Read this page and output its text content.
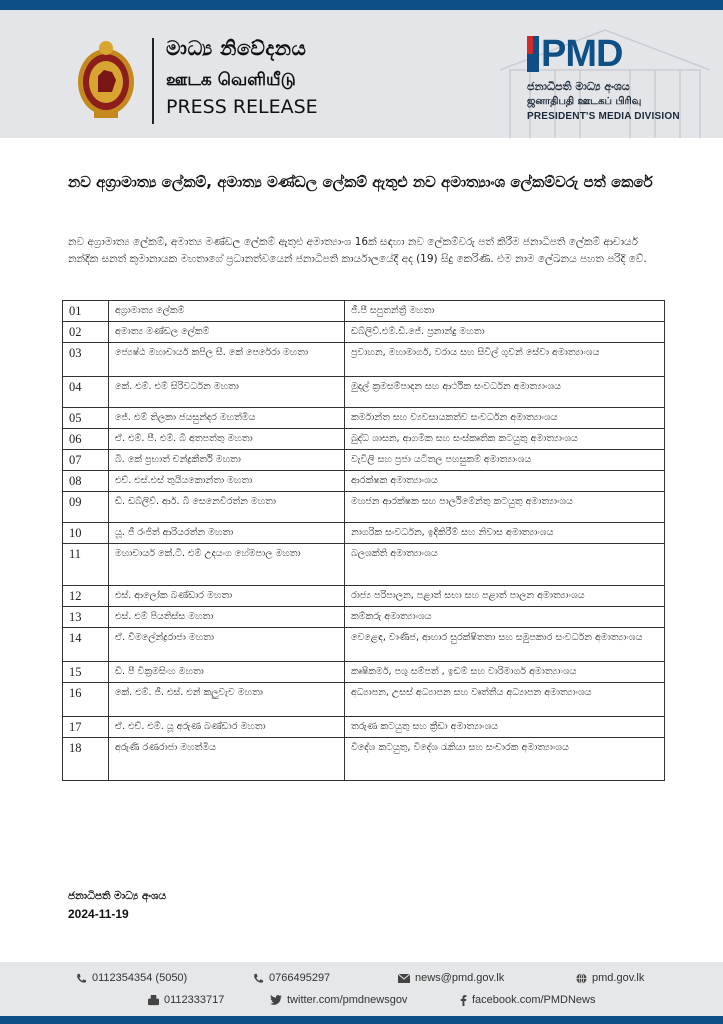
මාධ්‍ය නිවේදනය
ஊடக வெளியீடு
PRESS RELEASE
PMD
ජනාධිපති මාධ්‍ය අංශය
ஜனாதிபதி ஊடகப் பிரிவு
PRESIDENT'S MEDIA DIVISION
නව අග්‍රාමාත්‍ය ලේකම්, අමාත්‍ය මණ්ඩල ලේකම් ඇතුළු නව අමාත්‍යාංශ ලේකම්වරු පත් කෙරේ
නව අග්‍රාමාත්‍ය ලේකම්, අමාත්‍ය මණ්ඩල ලේකම් ඇතුළු අමාත්‍යාංශ 16ක් සඳහා නව ලේකම්වරු පත් කිරීම ජනාධිපති ලේකම් ආචාර්ය නන්දික සනත් කුමානායක මහතාගේ ප්‍රධානත්වයෙන් ජනාධිපති කාර්යාලයේදී අද (19) සිදු කෙරිණි. එම නාම ලේඛනය පහත පරිදි වේ.
01	අග්‍රාමාත්‍ය ලේකම්	ජී.පී සපුතන්ත්‍රී මහතා
02	අමාත්‍ය මණ්ඩල ලේකම්	ඩබ්ලිව්.එම්.ඩී.ජේ. ප්‍රනාන්දු මහතා
03	ජ්‍යෙෂ්ඨ මහාචාර්ය කපිල සී. කේ පෙරේරා මහතා	ප්‍රවාහන, මහාමාර්ග, වරාය සහ සිවිල් ගුවන් සේවා අමාත්‍යාංශය
04	කේ. එම්. එම් සිරිවර්ධන මහතා	මුදල් ක්‍රමසම්පාදන සහ ආර්ථික සංවර්ධන අමාත්‍යාංශය
05	ජේ. එම් තිලකා ජයසුන්දර මහත්මිය	කර්මාන්ත සහ ව්‍යවසායකත්ව සංවර්ධන අමාත්‍යාංශය
06	ඒ. එම්. පී. එම්. බී අතපත්තු මහතා	බුද්ධ ශාසන, ආගමික සහ සංස්කෘතික කටයුතු අමාත්‍යාංශය
07	බී. කේ ප්‍රභාත් චන්ද්‍රකීර්ති මහතා	වැවිලි සහ ප්‍රජා යටිතල පහසුකම් අමාත්‍යාංශය
08	එච්. එස්.එස් තුයියකොන්තා මහතා	ආරක්ෂක අමාත්‍යාංශය
09	ඩී. ඩබ්ලිව්. ආර්. බී සෙනෙවිරත්න මහතා	මහජන ආරක්ෂක සහ පාර්ලිමේන්තු කටයුතු අමාත්‍යාංශය
10	යූ. ජී රංජිත් ආරියරත්න මහතා	නාගරික සංවර්ධන, ඉදිකිරීම් සහ නිවාස අමාත්‍යාංශය
11	මහාචාර්ය කේ.ටී. එම් උදයංග හේමපාල මහතා	බලශක්ති අමාත්‍යාංශය
12	එස්. ආලෝක බණ්ඩාර මහතා	රාජ්‍ය පරිපාලන, පළාත් සභා සහ පළාත් පාලන අමාත්‍යාංශය
13	එස්. එම් පියතිස්ස මහතා	කම්කරු අමාත්‍යාංශය
14	ඒ. විමලේන්ද්‍රරාජා මහතා	වෙළෙඳ, වාණිජ, ආහාර සුරක්ෂිතතා සහ සමුපකාර සංවර්ධන අමාත්‍යාංශය
15	ඩී. පී වික්‍රමසිංහ මහතා	කෘෂිකර්ම, පශු සම්පත් , ඉඩම් සහ වාරිමාර්ග අමාත්‍යාංශය
16	කේ. එම්. ජී. එස්. එන් කලුවැව මහතා	අධ්‍යාපන, උසස් අධ්‍යාපන සහ වෘත්තීය අධ්‍යාපන අමාත්‍යාංශය
17	ඒ. එච්. එම්. යූ අරුණ බණ්ඩාර මහතා	තරුණ කටයුතු සහ ක්‍රීඩා අමාත්‍යාංශය
18	අරුණි රණරාජා මහත්මිය	විදේශ කටයුතු, විදේශ රැකියා සහ සංචාරක අමාත්‍යාංශය
ජනාධිපති මාධ්‍ය අංශය
2024-11-19
0112354354 (5050)	0766495297	news@pmd.gov.lk	pmd.gov.lk
0112333717	twitter.com/pmdnewsgov	facebook.com/PMDNews
